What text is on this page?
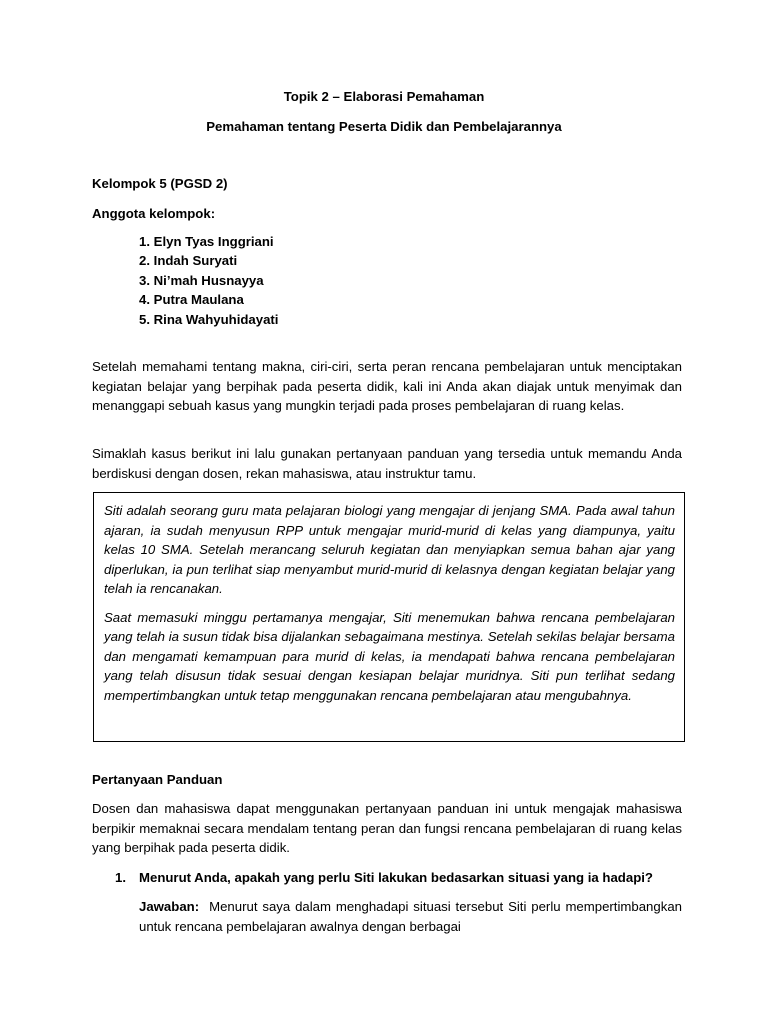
Topik 2 – Elaborasi Pemahaman
Pemahaman tentang Peserta Didik dan Pembelajarannya
Kelompok 5 (PGSD 2)
Anggota kelompok:
1. Elyn Tyas Inggriani
2. Indah Suryati
3. Ni’mah Husnayya
4. Putra Maulana
5. Rina Wahyuhidayati
Setelah memahami tentang makna, ciri-ciri, serta peran rencana pembelajaran untuk menciptakan kegiatan belajar yang berpihak pada peserta didik, kali ini Anda akan diajak untuk menyimak dan menanggapi sebuah kasus yang mungkin terjadi pada proses pembelajaran di ruang kelas.
Simaklah kasus berikut ini lalu gunakan pertanyaan panduan yang tersedia untuk memandu Anda berdiskusi dengan dosen, rekan mahasiswa, atau instruktur tamu.

Siti adalah seorang guru mata pelajaran biologi yang mengajar di jenjang SMA. Pada awal tahun ajaran, ia sudah menyusun RPP untuk mengajar murid-murid di kelas yang diampunya, yaitu kelas 10 SMA. Setelah merancang seluruh kegiatan dan menyiapkan semua bahan ajar yang diperlukan, ia pun terlihat siap menyambut murid-murid di kelasnya dengan kegiatan belajar yang telah ia rencanakan.

Saat memasuki minggu pertamanya mengajar, Siti menemukan bahwa rencana pembelajaran yang telah ia susun tidak bisa dijalankan sebagaimana mestinya. Setelah sekilas belajar bersama dan mengamati kemampuan para murid di kelas, ia mendapati bahwa rencana pembelajaran yang telah disusun tidak sesuai dengan kesiapan belajar muridnya. Siti pun terlihat sedang mempertimbangkan untuk tetap menggunakan rencana pembelajaran atau mengubahnya.

Pertanyaan Panduan
Dosen dan mahasiswa dapat menggunakan pertanyaan panduan ini untuk mengajak mahasiswa berpikir memaknai secara mendalam tentang peran dan fungsi rencana pembelajaran di ruang kelas yang berpihak pada peserta didik.
1. Menurut Anda, apakah yang perlu Siti lakukan bedasarkan situasi yang ia hadapi?
Jawaban: Menurut saya dalam menghadapi situasi tersebut Siti perlu mempertimbangkan untuk rencana pembelajaran awalnya dengan berbagai
